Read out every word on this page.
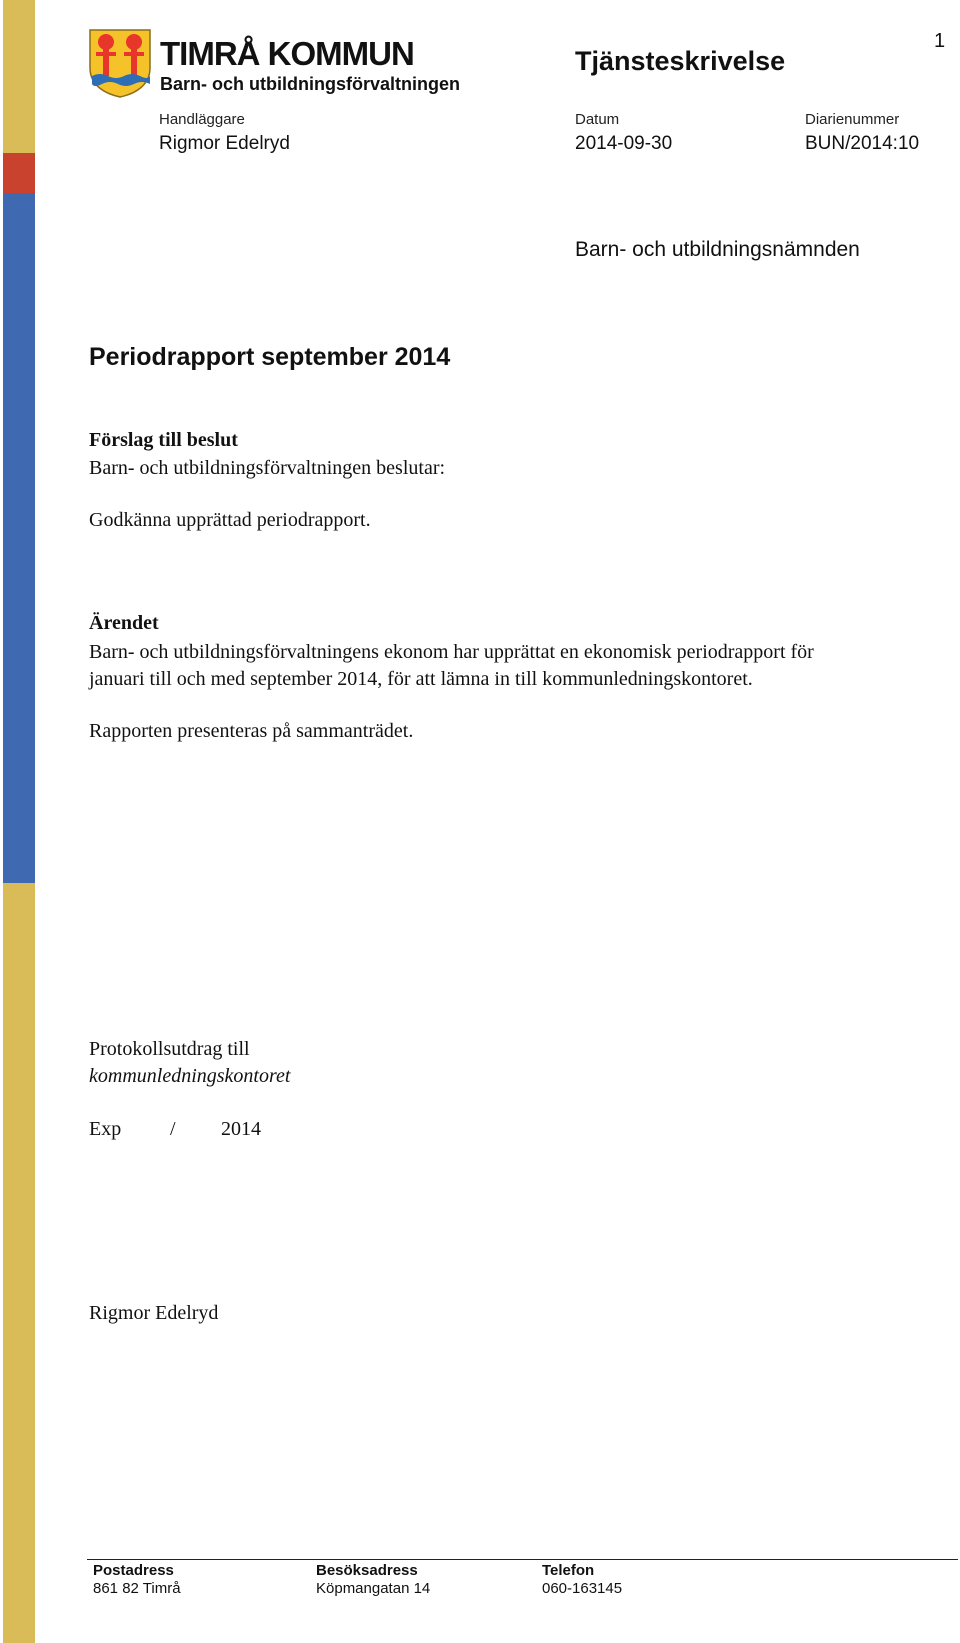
1
TIMRÅ KOMMUN
Barn- och utbildningsförvaltningen
Tjänsteskrivelse
Handläggare	Datum	Diarienummer
Rigmor Edelryd	2014-09-30	BUN/2014:10
Barn- och utbildningsnämnden
Periodrapport september 2014
Förslag till beslut
Barn- och utbildningsförvaltningen beslutar:
Godkänna upprättad periodrapport.
Ärendet
Barn- och utbildningsförvaltningens ekonom har upprättat en ekonomisk periodrapport för
januari till och med september 2014, för att lämna in till kommunledningskontoret.
Rapporten presenteras på sammanträdet.
Protokollsutdrag till
kommunledningskontoret
Exp / 2014
Rigmor Edelryd
Postadress
861 82 Timrå
Besöksadress
Köpmangatan 14
Telefon
060-163145
